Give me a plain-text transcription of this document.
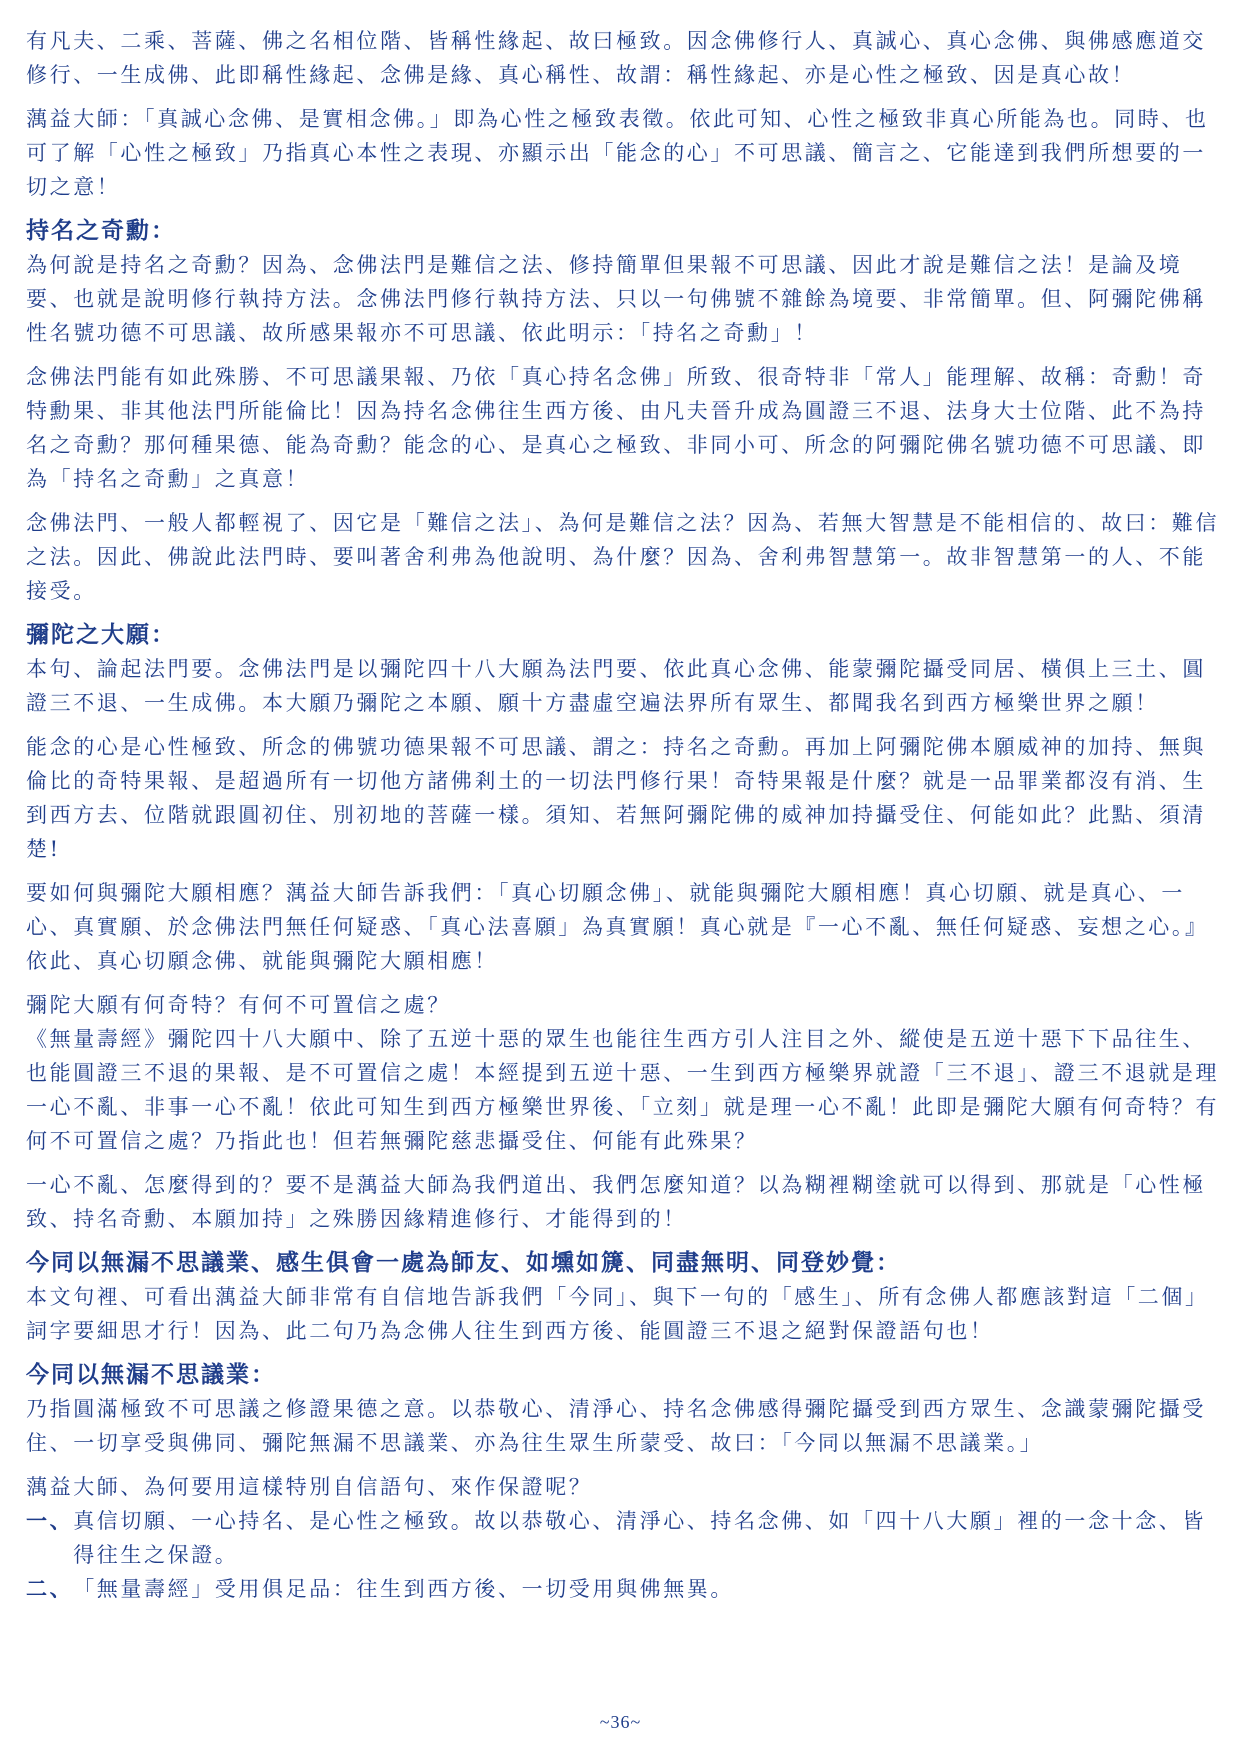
有凡夫、二乘、菩薩、佛之名相位階、皆稱性緣起、故曰極致。因念佛修行人、真誠心、真心念佛、與佛感應道交修行、一生成佛、此即稱性緣起、念佛是緣、真心稱性、故謂：稱性緣起、亦是心性之極致、因是真心故！

蕅益大師：「真誠心念佛、是實相念佛。」即為心性之極致表徵。依此可知、心性之極致非真心所能為也。同時、也可了解「心性之極致」乃指真心本性之表現、亦顯示出「能念的心」不可思議、簡言之、它能達到我們所想要的一切之意！

持名之奇勳：

為何說是持名之奇勳？因為、念佛法門是難信之法、修持簡單但果報不可思議、因此才說是難信之法！是論及境要、也就是說明修行執持方法。念佛法門修行執持方法、只以一句佛號不雜餘為境要、非常簡單。但、阿彌陀佛稱性名號功德不可思議、故所感果報亦不可思議、依此明示：「持名之奇勳」！

念佛法門能有如此殊勝、不可思議果報、乃依「真心持名念佛」所致、很奇特非「常人」能理解、故稱：奇勳！奇特勳果、非其他法門所能倫比！因為持名念佛往生西方後、由凡夫晉升成為圓證三不退、法身大士位階、此不為持名之奇勳？那何種果德、能為奇勳？能念的心、是真心之極致、非同小可、所念的阿彌陀佛名號功德不可思議、即為「持名之奇勳」之真意！

念佛法門、一般人都輕視了、因它是「難信之法」、為何是難信之法？因為、若無大智慧是不能相信的、故曰：難信之法。因此、佛說此法門時、要叫著舍利弗為他說明、為什麼？因為、舍利弗智慧第一。故非智慧第一的人、不能接受。

彌陀之大願：

本句、論起法門要。念佛法門是以彌陀四十八大願為法門要、依此真心念佛、能蒙彌陀攝受同居、橫俱上三土、圓證三不退、一生成佛。本大願乃彌陀之本願、願十方盡虛空遍法界所有眾生、都聞我名到西方極樂世界之願！

能念的心是心性極致、所念的佛號功德果報不可思議、謂之：持名之奇勳。再加上阿彌陀佛本願威神的加持、無與倫比的奇特果報、是超過所有一切他方諸佛剎土的一切法門修行果！奇特果報是什麼？就是一品罪業都沒有消、生到西方去、位階就跟圓初住、別初地的菩薩一樣。須知、若無阿彌陀佛的威神加持攝受住、何能如此？此點、須清楚!

要如何與彌陀大願相應？蕅益大師告訴我們：「真心切願念佛」、就能與彌陀大願相應！真心切願、就是真心、一心、真實願、於念佛法門無任何疑惑、「真心法喜願」為真實願！真心就是『一心不亂、無任何疑惑、妄想之心。』依此、真心切願念佛、就能與彌陀大願相應！

彌陀大願有何奇特？有何不可置信之處？

《無量壽經》彌陀四十八大願中、除了五逆十惡的眾生也能往生西方引人注目之外、縱使是五逆十惡下下品往生、也能圓證三不退的果報、是不可置信之處！本經提到五逆十惡、一生到西方極樂界就證「三不退」、證三不退就是理一心不亂、非事一心不亂！依此可知生到西方極樂世界後、「立刻」就是理一心不亂！此即是彌陀大願有何奇特？有何不可置信之處？乃指此也！但若無彌陀慈悲攝受住、何能有此殊果？

一心不亂、怎麼得到的？要不是蕅益大師為我們道出、我們怎麼知道？以為糊裡糊塗就可以得到、那就是「心性極致、持名奇勳、本願加持」之殊勝因緣精進修行、才能得到的！

今同以無漏不思議業、感生俱會一處為師友、如壎如篪、同盡無明、同登妙覺：

本文句裡、可看出蕅益大師非常有自信地告訴我們「今同」、與下一句的「感生」、所有念佛人都應該對這「二個」詞字要細思才行！因為、此二句乃為念佛人往生到西方後、能圓證三不退之絕對保證語句也！

今同以無漏不思議業：

乃指圓滿極致不可思議之修證果德之意。以恭敬心、清淨心、持名念佛感得彌陀攝受到西方眾生、念識蒙彌陀攝受住、一切享受與佛同、彌陀無漏不思議業、亦為往生眾生所蒙受、故曰：「今同以無漏不思議業。」

蕅益大師、為何要用這樣特別自信語句、來作保證呢？

一、 真信切願、一心持名、是心性之極致。故以恭敬心、清淨心、持名念佛、如「四十八大願」裡的一念十念、皆得往生之保證。
二、 「無量壽經」受用俱足品：往生到西方後、一切受用與佛無異。
~36~
